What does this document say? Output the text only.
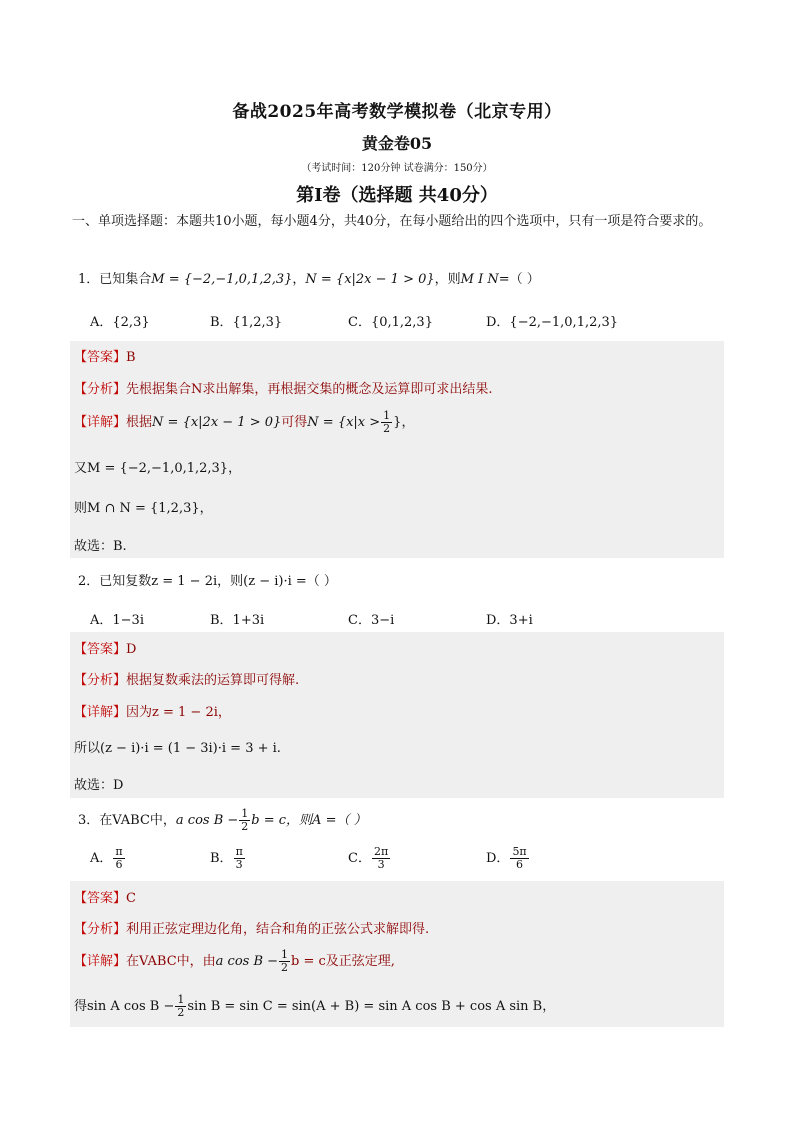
备战2025年高考数学模拟卷（北京专用）
黄金卷05
（考试时间：120分钟 试卷满分：150分）
第I卷（选择题 共40分）
一、单项选择题：本题共10小题，每小题4分，共40分，在每小题给出的四个选项中，只有一项是符合要求的。
1．已知集合M = {−2,−1,0,1,2,3}，N = {x|2x − 1 > 0}，则M I N=（ ）
A．{2,3}	B．{1,2,3}	C．{0,1,2,3}	D．{−2,−1,0,1,2,3}
【答案】B
【分析】先根据集合N求出解集，再根据交集的概念及运算即可求出结果.
【详解】根据N = {x|2x − 1 > 0}可得$N = \{x|x > \frac{1}{2}$ }，
又M = {−2,−1,0,1,2,3}，
则M ∩ N = {1,2,3}，
故选：B.
2．已知复数z = 1 − 2i，则(z − i)·i =（ ）
A．1−3i	B．1+3i	C．3−i	D．3+i
【答案】D
【分析】根据复数乘法的运算即可得解.
【详解】因为z = 1 − 2i，
所以(z − i)·i = (1 − 3i)·i = 3 + i.
故选：D
3．在VABC中，a $\cos B - \frac{1}{2}$ b = c，则A =（ ）
A． $\frac{\pi}{6}$	B． $\frac{\pi}{3}$	C． $\frac{2\pi}{3}$	D． $\frac{5\pi}{6}$
【答案】C
【分析】利用正弦定理边化角，结合和角的正弦公式求解即得.
【详解】在VABC中，由a $\cos B - \frac{1}{2}$ b = c及正弦定理,
得sin A $\cos B - \frac{1}{2}$ sin B = sin C = sin(A + B) = sin A cos B + cos A sin B，
